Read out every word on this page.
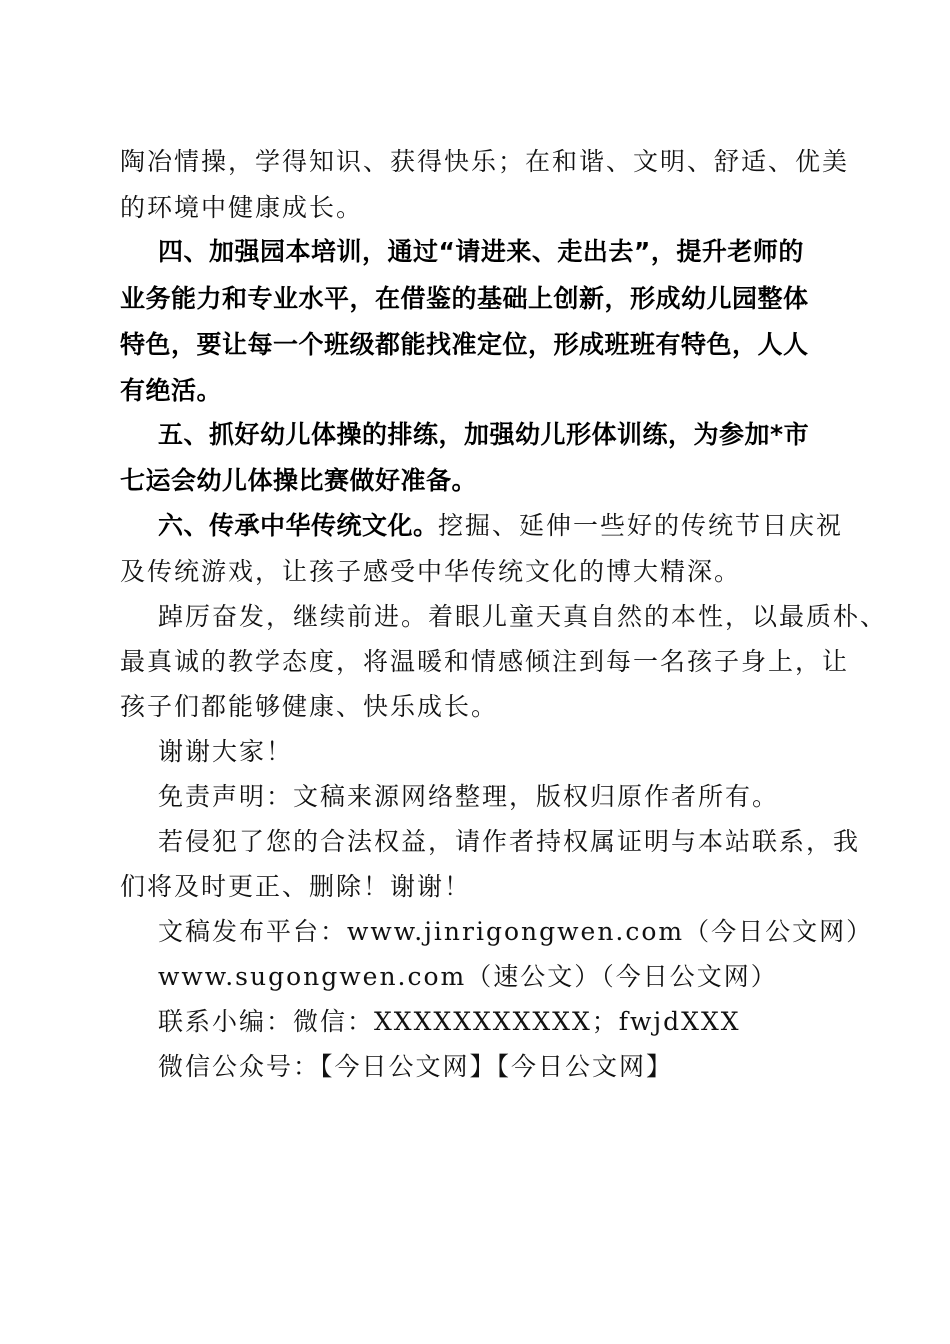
陶冶情操，学得知识、获得快乐；在和谐、文明、舒适、优美
的环境中健康成长。
四、加强园本培训，通过“请进来、走出去”，提升老师的
业务能力和专业水平，在借鉴的基础上创新，形成幼儿园整体
特色，要让每一个班级都能找准定位，形成班班有特色，人人
有绝活。
五、抓好幼儿体操的排练，加强幼儿形体训练，为参加*市
七运会幼儿体操比赛做好准备。
六、传承中华传统文化。 挖掘、延伸一些好的传统节日庆祝
及传统游戏，让孩子感受中华传统文化的博大精深。
踔厉奋发，继续前进。着眼儿童天真自然的本性，以最质朴、
最真诚的教学态度，将温暖和情感倾注到每一名孩子身上，让
孩子们都能够健康、快乐成长。
谢谢大家！
免责声明：文稿来源网络整理，版权归原作者所有。
若侵犯了您的合法权益，请作者持权属证明与本站联系，我
们将及时更正、删除！谢谢！
文稿发布平台：www.jinrigongwen.com（今日公文网）
www.sugongwen.com（速公文）（今日公文网）
联系小编：微信：XXXXXXXXXXX；fwjdXXX
微信公众号：【今日公文网】【今日公文网】
